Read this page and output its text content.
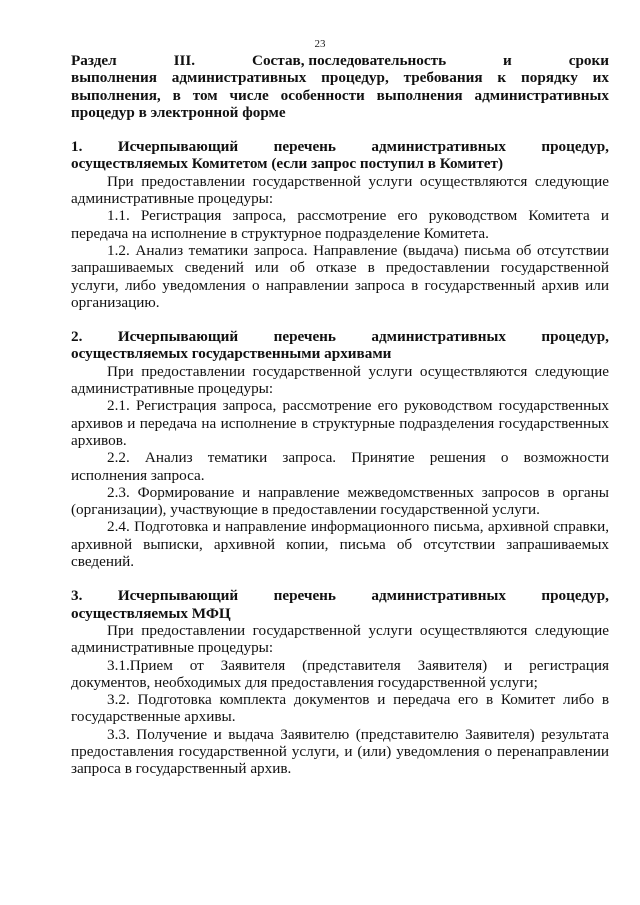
23
Раздел	III.	Состав, последовательность	и	сроки

выполнения административных процедур, требования к порядку их выполнения, в том числе особенности выполнения административных процедур в электронной форме

1. Исчерпывающий перечень административных процедур,

осуществляемых Комитетом (если запрос поступил в Комитет)

При предоставлении государственной услуги осуществляются следующие административные процедуры:

1.1. Регистрация запроса, рассмотрение его руководством Комитета и передача на исполнение в структурное подразделение Комитета.

1.2. Анализ тематики запроса. Направление (выдача) письма об отсутствии запрашиваемых сведений или об отказе в предоставлении государственной услуги, либо уведомления о направлении запроса в государственный архив или организацию.

2. Исчерпывающий перечень административных процедур,

осуществляемых государственными архивами

При предоставлении государственной услуги осуществляются следующие административные процедуры:

2.1. Регистрация запроса, рассмотрение его руководством государственных архивов и передача на исполнение в структурные подразделения государственных архивов.

2.2. Анализ тематики запроса. Принятие решения о возможности исполнения запроса.

2.3. Формирование и направление межведомственных запросов в органы (организации), участвующие в предоставлении государственной услуги.

2.4. Подготовка и направление информационного письма, архивной справки, архивной выписки, архивной копии, письма об отсутствии запрашиваемых сведений.

3. Исчерпывающий перечень административных процедур,

осуществляемых МФЦ

При предоставлении государственной услуги осуществляются следующие административные процедуры:

3.1.Прием от Заявителя (представителя Заявителя) и регистрация документов, необходимых для предоставления государственной услуги;

3.2. Подготовка комплекта документов и передача его в Комитет либо в государственные архивы.

3.3. Получение и выдача Заявителю (представителю Заявителя) результата предоставления государственной услуги, и (или) уведомления о перенаправлении запроса в государственный архив.
